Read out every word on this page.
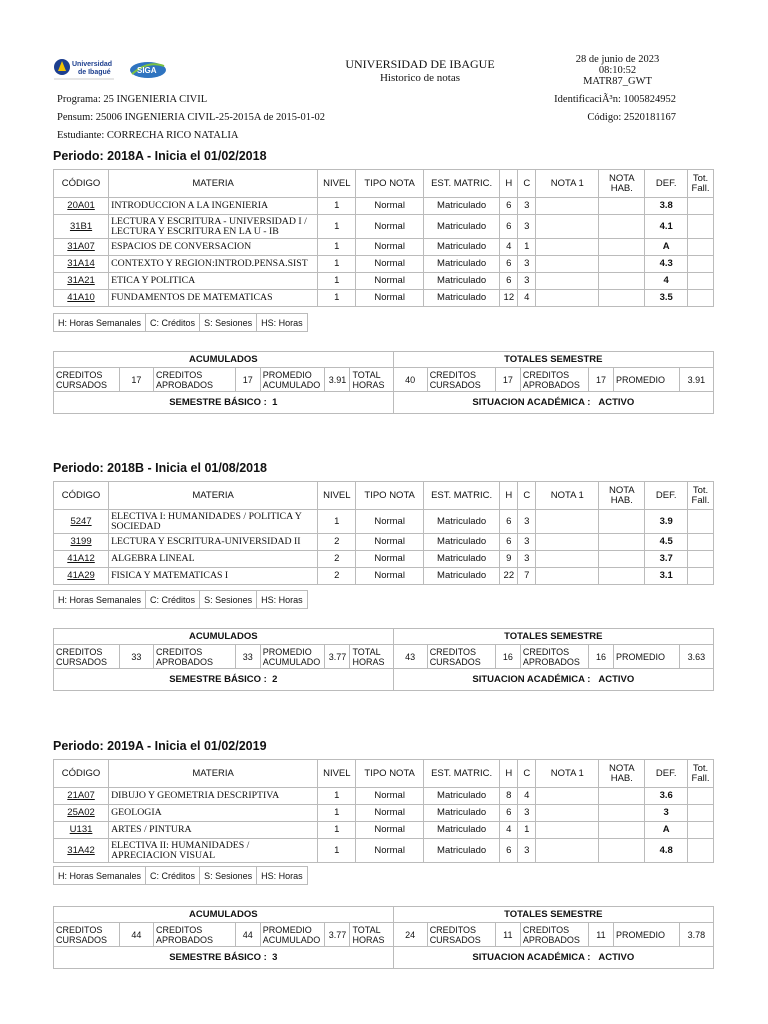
Universidad
de Ibagué	SIGA	UNIVERSIDAD DE IBAGUE
Historico de notas
28 de junio de 2023
08:10:52
MATR87_GWT
Programa: 25 INGENIERIA CIVIL
Pensum: 25006 INGENIERIA CIVIL-25-2015A de 2015-01-02
Estudiante: CORRECHA RICO NATALIA
IdentificaciÃ³n: 1005824952
Código: 2520181167
Periodo: 2018A - Inicia el 01/02/2018
CÓDIGO	MATERIA	NIVEL	TIPO NOTA	EST. MATRIC.	H	C	NOTA 1	NOTA HAB.	DEF.	Tot. Fall.
20A01	INTRODUCCION A LA INGENIERIA	1	Normal	Matriculado	6	3			3.8	
31B1	LECTURA Y ESCRITURA - UNIVERSIDAD I / LECTURA Y ESCRITURA EN LA U - IB	1	Normal	Matriculado	6	3			4.1	
31A07	ESPACIOS DE CONVERSACION	1	Normal	Matriculado	4	1			A	
31A14	CONTEXTO Y REGION:INTROD.PENSA.SIST	1	Normal	Matriculado	6	3			4.3	
31A21	ETICA Y POLITICA	1	Normal	Matriculado	6	3			4	
41A10	FUNDAMENTOS DE MATEMATICAS	1	Normal	Matriculado	12	4			3.5	
H: Horas Semanales	C: Créditos	S: Sesiones	HS: Horas
ACUMULADOS							TOTALES SEMESTRE						
CREDITOS CURSADOS	17	CREDITOS APROBADOS	17	PROMEDIO ACUMULADO	3.91	TOTAL HORAS	40	CREDITOS CURSADOS	17	CREDITOS APROBADOS	17	PROMEDIO	3.91
SEMESTRE BÁSICO : 1							SITUACION ACADÉMICA : ACTIVO						
Periodo: 2018B - Inicia el 01/08/2018
CÓDIGO	MATERIA	NIVEL	TIPO NOTA	EST. MATRIC.	H	C	NOTA 1	NOTA HAB.	DEF.	Tot. Fall.
5247	ELECTIVA I: HUMANIDADES / POLITICA Y SOCIEDAD	1	Normal	Matriculado	6	3			3.9	
3199	LECTURA Y ESCRITURA-UNIVERSIDAD II	2	Normal	Matriculado	6	3			4.5	
41A12	ALGEBRA LINEAL	2	Normal	Matriculado	9	3			3.7	
41A29	FISICA Y MATEMATICAS I	2	Normal	Matriculado	22	7			3.1	
H: Horas Semanales	C: Créditos	S: Sesiones	HS: Horas
ACUMULADOS							TOTALES SEMESTRE						
CREDITOS CURSADOS	33	CREDITOS APROBADOS	33	PROMEDIO ACUMULADO	3.77	TOTAL HORAS	43	CREDITOS CURSADOS	16	CREDITOS APROBADOS	16	PROMEDIO	3.63
SEMESTRE BÁSICO : 2							SITUACION ACADÉMICA : ACTIVO						
Periodo: 2019A - Inicia el 01/02/2019
CÓDIGO	MATERIA	NIVEL	TIPO NOTA	EST. MATRIC.	H	C	NOTA 1	NOTA HAB.	DEF.	Tot. Fall.
21A07	DIBUJO Y GEOMETRIA DESCRIPTIVA	1	Normal	Matriculado	8	4			3.6	
25A02	GEOLOGIA	1	Normal	Matriculado	6	3			3	
U131	ARTES / PINTURA	1	Normal	Matriculado	4	1			A	
31A42	ELECTIVA II: HUMANIDADES / APRECIACION VISUAL	1	Normal	Matriculado	6	3			4.8	
H: Horas Semanales	C: Créditos	S: Sesiones	HS: Horas
ACUMULADOS							TOTALES SEMESTRE						
CREDITOS CURSADOS	44	CREDITOS APROBADOS	44	PROMEDIO ACUMULADO	3.77	TOTAL HORAS	24	CREDITOS CURSADOS	11	CREDITOS APROBADOS	11	PROMEDIO	3.78
SEMESTRE BÁSICO : 3							SITUACION ACADÉMICA : ACTIVO						
